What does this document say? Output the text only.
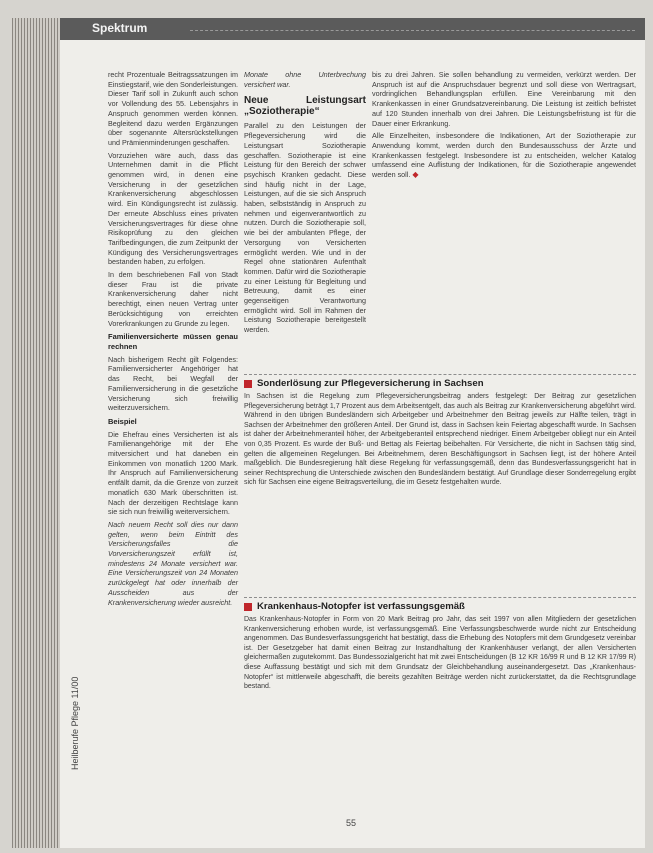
Spektrum
Heilberufe Pflege 11/00

recht Prozentuale Beitragssatzungen im Einstiegstarif, wie den Sonderleistungen. Dieser Tarif soll in Zukunft auch schon vor Vollendung des 55. Lebensjahrs in Anspruch genommen werden können. Begleitend dazu werden Ergänzungen über sogenannte Altersrückstellungen und Prämienminderungen geschaffen.

Vorzuziehen wäre auch, dass das Unternehmen damit in die Pflicht genommen wird, in denen eine Versicherung in der gesetzlichen Krankenversicherung abgeschlossen wird. Ein Kündigungsrecht ist zulässig. Der erneute Abschluss eines privaten Versicherungsvertrages für diese ohne Risikoprüfung zu den gleichen Tarifbedingungen, die zum Zeitpunkt der Kündigung des Versicherungsvertrages bestanden haben, zu erfolgen.

In dem beschriebenen Fall von Stadt dieser Frau ist die private Krankenversicherung daher nicht berechtigt, einen neuen Vertrag unter Berücksichtigung von erreichten Vorerkrankungen zu Grunde zu legen.

Familienversicherte müssen genau rechnen

Nach bisherigem Recht gilt Folgendes: Familienversicherter Angehöriger hat das Recht, bei Wegfall der Familienversicherung in die gesetzliche Versicherung sich freiwillig weiterzuversichern.

Beispiel

Die Ehefrau eines Versicherten ist als Familienangehörige mit der Ehe mitversichert und hat daneben ein Einkommen von monatlich 1200 Mark. Ihr Anspruch auf Familienversicherung entfällt damit, da die Grenze von zurzeit monatlich 630 Mark überschritten ist. Nach der derzeitigen Rechtslage kann sie sich nun freiwillig weiterversichern.

Nach neuem Recht soll dies nur dann gelten, wenn beim Eintritt des Versicherungsfalles die Vorversicherungszeit erfüllt ist, mindestens 24 Monate versichert war. Eine Versicherungszeit von 24 Monaten zurückgelegt hat oder innerhalb der Ausscheiden aus der Krankenversicherung wieder ausreicht.

Monate ohne Unterbrechung versichert war.

Neue Leistungsart „Soziotherapie“

Parallel zu den Leistungen der Pflegeversicherung wird die Leistungsart Soziotherapie geschaffen. Soziotherapie ist eine Leistung für den Bereich der schwer psychisch Kranken gedacht. Diese sind häufig nicht in der Lage, Leistungen, auf die sie sich Anspruch haben, selbstständig in Anspruch zu nehmen und eigenverantwortlich zu nutzen. Durch die Soziotherapie soll, wie bei der ambulanten Pflege, der Versorgung von Versicherten ermöglicht werden. Wie und in der Regel ohne stationären Aufenthalt kommen. Dafür wird die Soziotherapie zu einer Leistung für Begleitung und Betreuung, damit es einer gegenseitigen Verantwortung ermöglicht wird. Soll im Rahmen der Leistung Soziotherapie bereitgestellt werden.

bis zu drei Jahren. Sie sollen behandlung zu vermeiden, verkürzt werden. Der Anspruch ist auf die Anspruchsdauer begrenzt und soll diese von Wertragsart, vordringlichen Behandlungsplan erfüllen. Eine Vereinbarung mit den Krankenkassen in einer Grundsatzvereinbarung. Die Leistung ist zeitlich befristet auf 120 Stunden innerhalb von drei Jahren. Die Leistungsbefristung ist für die Dauer einer Erkrankung.

Alle Einzelheiten, insbesondere die Indikationen, Art der Soziotherapie zur Anwendung kommt, werden durch den Bundesausschuss der Ärzte und Krankenkassen festgelegt. Insbesondere ist zu entscheiden, welcher Katalog umfassend eine Auflistung der Indikationen, für die Soziotherapie angewendet werden soll. ◆

Sonderlösung zur Pflegeversicherung in Sachsen

In Sachsen ist die Regelung zum Pflegeversicherungsbeitrag anders festgelegt: Der Beitrag zur gesetzlichen Pflegeversicherung beträgt 1,7 Prozent aus dem Arbeitsentgelt, das auch als Beitrag zur Krankenversicherung abgeführt wird. Während in den übrigen Bundesländern sich Arbeitgeber und Arbeitnehmer den Beitrag jeweils zur Hälfte teilen, trägt in Sachsen der Arbeitnehmer den größeren Anteil. Der Grund ist, dass in Sachsen kein Feiertag abgeschafft wurde. In Sachsen ist daher der Arbeitnehmeranteil höher, der Arbeitgeberanteil entsprechend niedriger. Einem Arbeitgeber obliegt nur ein Anteil von 0,35 Prozent. Es wurde der Buß- und Bettag als Feiertag beibehalten. Für Versicherte, die nicht in Sachsen tätig sind, gelten die allgemeinen Regelungen. Bei Arbeitnehmern, deren Beschäftigungsort in Sachsen liegt, ist der höhere Anteil maßgeblich. Die Bundesregierung hält diese Regelung für verfassungsgemäß, denn das Bundesverfassungsgericht hat in seiner Rechtsprechung die Unterschiede zwischen den Bundesländern bestätigt. Auf Grundlage dieser Sonderregelung ergibt sich für Sachsen eine eigene Beitragsverteilung, die im Gesetz festgehalten wurde.

Krankenhaus-Notopfer ist verfassungsgemäß

Das Krankenhaus-Notopfer in Form von 20 Mark Beitrag pro Jahr, das seit 1997 von allen Mitgliedern der gesetzlichen Krankenversicherung erhoben wurde, ist verfassungsgemäß. Eine Verfassungsbeschwerde wurde nicht zur Entscheidung angenommen. Das Bundesverfassungsgericht hat bestätigt, dass die Erhebung des Notopfers mit dem Grundgesetz vereinbar ist. Der Gesetzgeber hat damit einen Beitrag zur Instandhaltung der Krankenhäuser verlangt, der allen Versicherten gleichermaßen zugutekommt. Das Bundessozialgericht hat mit zwei Entscheidungen (B 12 KR 16/99 R und B 12 KR 17/99 R) diese Auffassung bestätigt und sich mit dem Grundsatz der Gleichbehandlung auseinandergesetzt. Das „Krankenhaus-Notopfer“ ist mittlerweile abgeschafft, die bereits gezahlten Beiträge werden nicht zurückerstattet, da die Rechtsgrundlage bestand.

55
